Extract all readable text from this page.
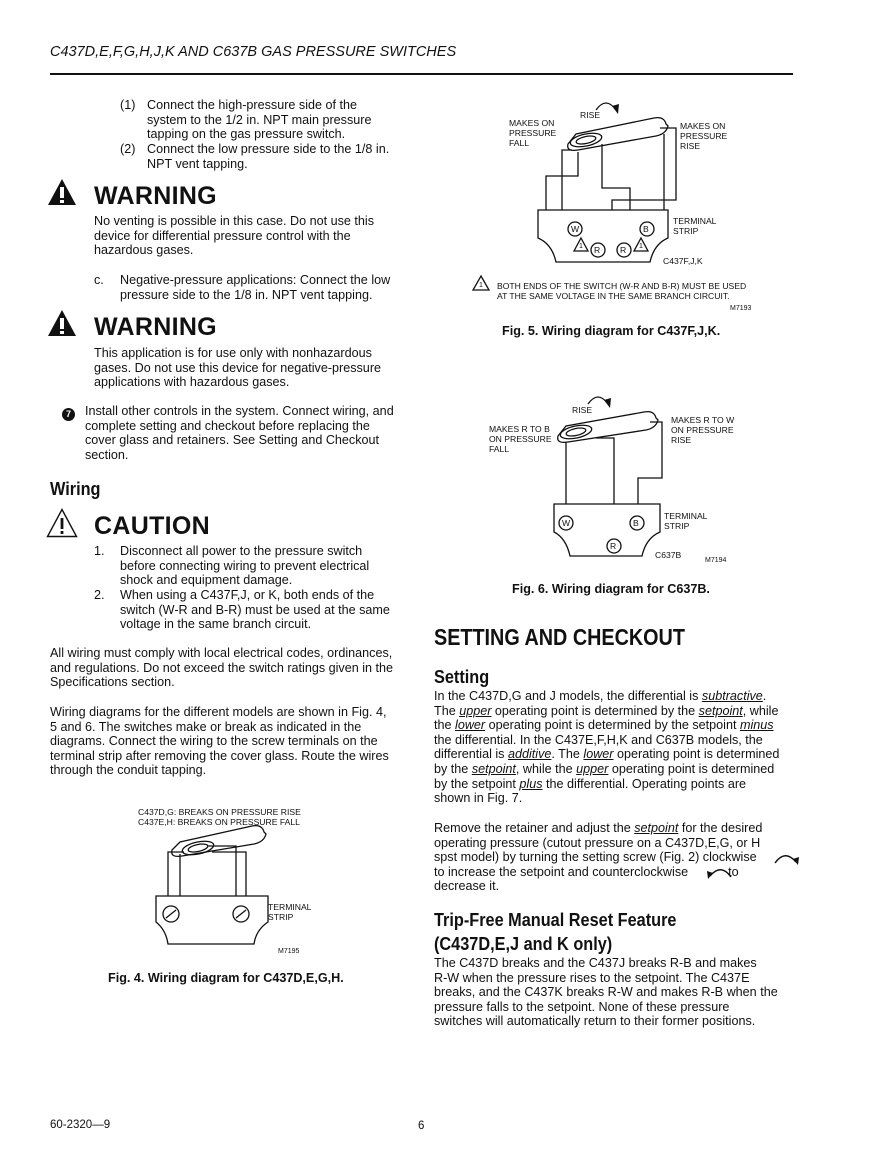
C437D,E,F,G,H,J,K AND C637B GAS PRESSURE SWITCHES
(1) Connect the high-pressure side of the
system to the 1/2 in. NPT main pressure
tapping on the gas pressure switch.
(2) Connect the low pressure side to the 1/8 in.
NPT vent tapping.
WARNING
No venting is possible in this case. Do not use this
device for differential pressure control with the
hazardous gases.
c. Negative-pressure applications: Connect the low
pressure side to the 1/8 in. NPT vent tapping.
WARNING
This application is for use only with nonhazardous
gases. Do not use this device for negative-pressure
applications with hazardous gases.
7	Install other controls in the system. Connect wiring, and
complete setting and checkout before replacing the
cover glass and retainers. See Setting and Checkout
section.
Wiring
CAUTION
1. Disconnect all power to the pressure switch
before connecting wiring to prevent electrical
shock and equipment damage.
2. When using a C437F,J, or K, both ends of the
switch (W-R and B-R) must be used at the same
voltage in the same branch circuit.
All wiring must comply with local electrical codes, ordinances,
and regulations. Do not exceed the switch ratings given in the
Specifications section.
Wiring diagrams for the different models are shown in Fig. 4,
5 and 6. The switches make or break as indicated in the
diagrams. Connect the wiring to the screw terminals on the
terminal strip after removing the cover glass. Route the wires
through the conduit tapping.
C437D,G: BREAKS ON PRESSURE RISE
C437E,H: BREAKS ON PRESSURE FALL
TERMINAL
STRIP
M7195
Fig. 4. Wiring diagram for C437D,E,G,H.
RISE
MAKES ON
PRESSURE
FALL
MAKES ON
PRESSURE
RISE
W	B
R R
1	1
TERMINAL
STRIP
C437F,J,K
1 BOTH ENDS OF THE SWITCH (W-R AND B-R) MUST BE USED
AT THE SAME VOLTAGE IN THE SAME BRANCH CIRCUIT.
M7193
Fig. 5. Wiring diagram for C437F,J,K.
RISE
MAKES R TO B
ON PRESSURE
FALL
MAKES R TO W
ON PRESSURE
RISE
W	B
R
TERMINAL
STRIP
C637B
M7194
Fig. 6. Wiring diagram for C637B.
SETTING AND CHECKOUT
Setting
In the C437D,G and J models, the differential is subtractive.
The upper operating point is determined by the setpoint, while
the lower operating point is determined by the setpoint minus
the differential. In the C437E,F,H,K and C637B models, the
differential is additive. The lower operating point is determined
by the setpoint, while the upper operating point is determined
by the setpoint plus the differential. Operating points are
shown in Fig. 7.
Remove the retainer and adjust the setpoint for the desired
operating pressure (cutout pressure on a C437D,E,G, or H
spst model) by turning the setting screw (Fig. 2) clockwise
to increase the setpoint and counterclockwise	to
decrease it.
Trip-Free Manual Reset Feature
(C437D,E,J and K only)
The C437D breaks and the C437J breaks R-B and makes
R-W when the pressure rises to the setpoint. The C437E
breaks, and the C437K breaks R-W and makes R-B when the
pressure falls to the setpoint. None of these pressure
switches will automatically return to their former positions.
60-2320—9	6
